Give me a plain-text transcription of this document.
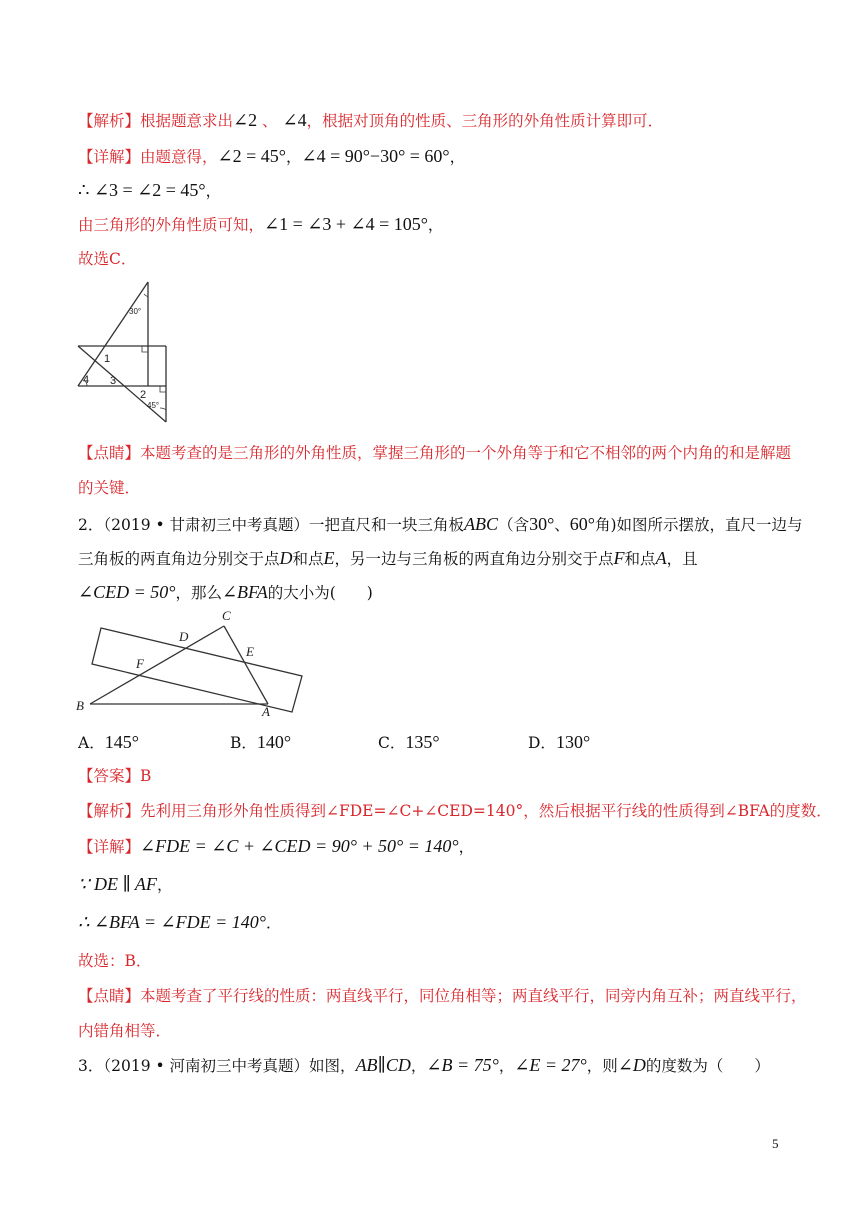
【解析】根据题意求出∠2 、 ∠4，根据对顶角的性质、三角形的外角性质计算即可．
【详解】由题意得，∠2 = 45°，∠4 = 90°−30° = 60°，
∴ ∠3 = ∠2 = 45°，
由三角形的外角性质可知，∠1 = ∠3 + ∠4 = 105°，
故选C．
30°
1
4 3
2
45°
【点睛】本题考查的是三角形的外角性质，掌握三角形的一个外角等于和它不相邻的两个内角的和是解题
的关键．
2．（2019 • 甘肃初三中考真题）一把直尺和一块三角板ABC（含30°、60°角)如图所示摆放，直尺一边与
三角板的两直角边分别交于点D和点E，另一边与三角板的两直角边分别交于点F和点A，且
∠CED = 50°，那么∠BFA的大小为(　　)
C
D
E
F
B	A
A．145°	B．140°	C．135°	D．130°
【答案】B
【解析】先利用三角形外角性质得到∠FDE=∠C+∠CED=140°，然后根据平行线的性质得到∠BFA的度数．
【详解】∠FDE = ∠C + ∠CED = 90° + 50° = 140°，
∵ DE ∥ AF，
∴ ∠BFA = ∠FDE = 140°．
故选：B．
【点睛】本题考查了平行线的性质：两直线平行，同位角相等；两直线平行，同旁内角互补；两直线平行，
内错角相等．
3．（2019 • 河南初三中考真题）如图，AB∥CD，∠B = 75°，∠E = 27°，则∠D的度数为（　　）
5
